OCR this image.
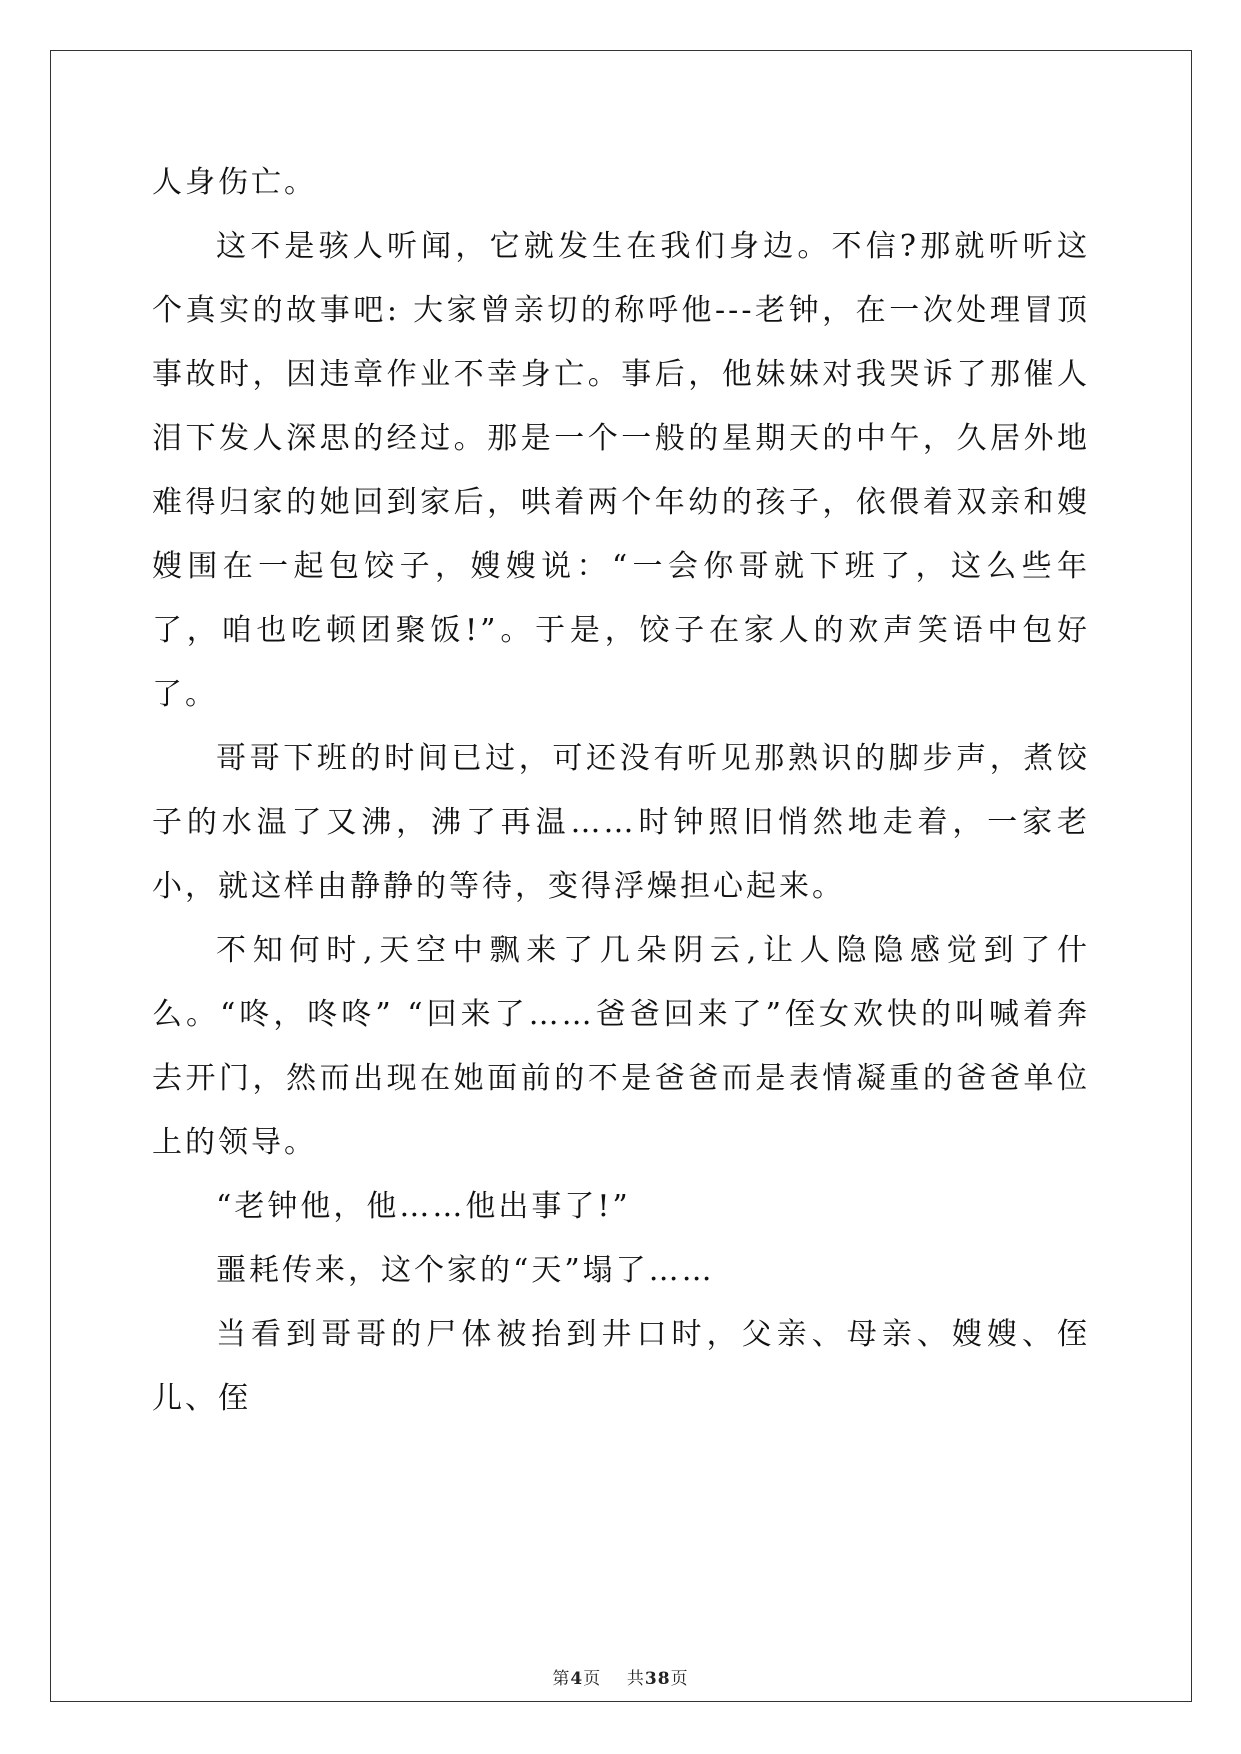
人身伤亡。

这不是骇人听闻，它就发生在我们身边。不信?那就听听这个真实的故事吧: 大家曾亲切的称呼他---老钟，在一次处理冒顶事故时，因违章作业不幸身亡。事后，他妹妹对我哭诉了那催人泪下发人深思的经过。那是一个一般的星期天的中午，久居外地难得归家的她回到家后，哄着两个年幼的孩子，依偎着双亲和嫂嫂围在一起包饺子，嫂嫂说：“一会你哥就下班了，这么些年了，咱也吃顿团聚饭!”。于是，饺子在家人的欢声笑语中包好了。

哥哥下班的时间已过，可还没有听见那熟识的脚步声，煮饺子的水温了又沸，沸了再温……时钟照旧悄然地走着，一家老小，就这样由静静的等待，变得浮燥担心起来。

不知何时,天空中飘来了几朵阴云,让人隐隐感觉到了什么。“咚，咚咚” “回来了……爸爸回来了”侄女欢快的叫喊着奔去开门，然而出现在她面前的不是爸爸而是表情凝重的爸爸单位上的领导。

“老钟他，他……他出事了!”

噩耗传来，这个家的“天”塌了……

当看到哥哥的尸体被抬到井口时，父亲、母亲、嫂嫂、侄儿、侄

第4页 共38页
